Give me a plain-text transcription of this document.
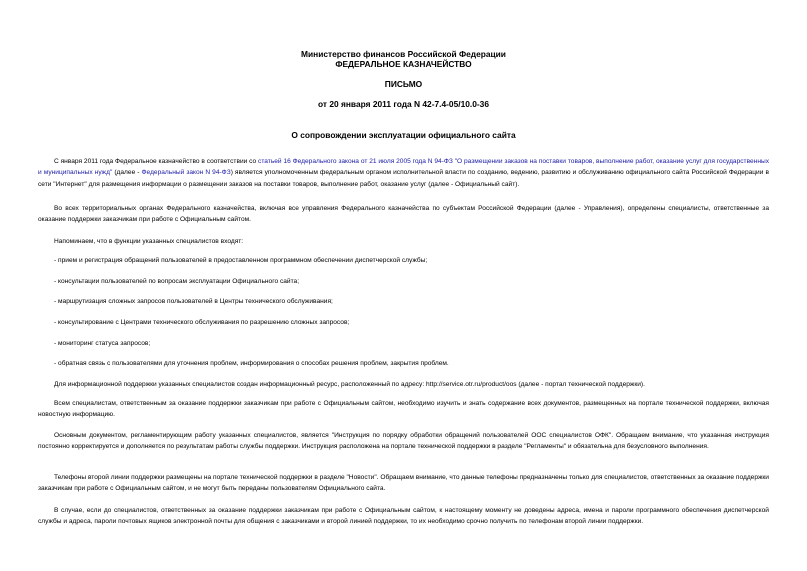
Министерство финансов Российской Федерации
ФЕДЕРАЛЬНОЕ КАЗНАЧЕЙСТВО
ПИСЬМО
от 20 января 2011 года N 42-7.4-05/10.0-36
О сопровождении эксплуатации официального сайта
С января 2011 года Федеральное казначейство в соответствии со статьей 16 Федерального закона от 21 июля 2005 года N 94-ФЗ "О размещении заказов на поставки товаров, выполнение работ, оказание услуг для государственных и муниципальных нужд" (далее - Федеральный закон N 94-ФЗ) является уполномоченным федеральным органом исполнительной власти по созданию, ведению, развитию и обслуживанию официального сайта Российской Федерации в сети "Интернет" для размещения информации о размещении заказов на поставки товаров, выполнение работ, оказание услуг (далее - Официальный сайт).
Во всех территориальных органах Федерального казначейства, включая все управления Федерального казначейства по субъектам Российской Федерации (далее - Управления), определены специалисты, ответственные за оказание поддержки заказчикам при работе с Официальным сайтом.
Напоминаем, что в функции указанных специалистов входят:
- прием и регистрация обращений пользователей в предоставленном программном обеспечении диспетчерской службы;
- консультации пользователей по вопросам эксплуатации Официального сайта;
- маршрутизация сложных запросов пользователей в Центры технического обслуживания;
- консультирование с Центрами технического обслуживания по разрешению сложных запросов;
- мониторинг статуса запросов;
- обратная связь с пользователями для уточнения проблем, информирования о способах решения проблем, закрытия проблем.
Для информационной поддержки указанных специалистов создан информационный ресурс, расположенный по адресу: http://service.otr.ru/product/oos (далее - портал технической поддержки).
Всем специалистам, ответственным за оказание поддержки заказчикам при работе с Официальным сайтом, необходимо изучить и знать содержание всех документов, размещенных на портале технической поддержки, включая новостную информацию.
Основным документом, регламентирующим работу указанных специалистов, является "Инструкция по порядку обработки обращений пользователей ООС специалистов ОФК". Обращаем внимание, что указанная инструкция постоянно корректируется и дополняется по результатам работы службы поддержки. Инструкция расположена на портале технической поддержки в разделе "Регламенты" и обязательна для безусловного выполнения.
Телефоны второй линии поддержки размещены на портале технической поддержки в разделе "Новости". Обращаем внимание, что данные телефоны предназначены только для специалистов, ответственных за оказание поддержки заказчикам при работе с Официальным сайтом, и не могут быть переданы пользователям Официального сайта.
В случае, если до специалистов, ответственных за оказание поддержки заказчикам при работе с Официальным сайтом, к настоящему моменту не доведены адреса, имена и пароли программного обеспечения диспетчерской службы и адреса, пароли почтовых ящиков электронной почты для общения с заказчиками и второй линией поддержки, то их необходимо срочно получить по телефонам второй линии поддержки.
